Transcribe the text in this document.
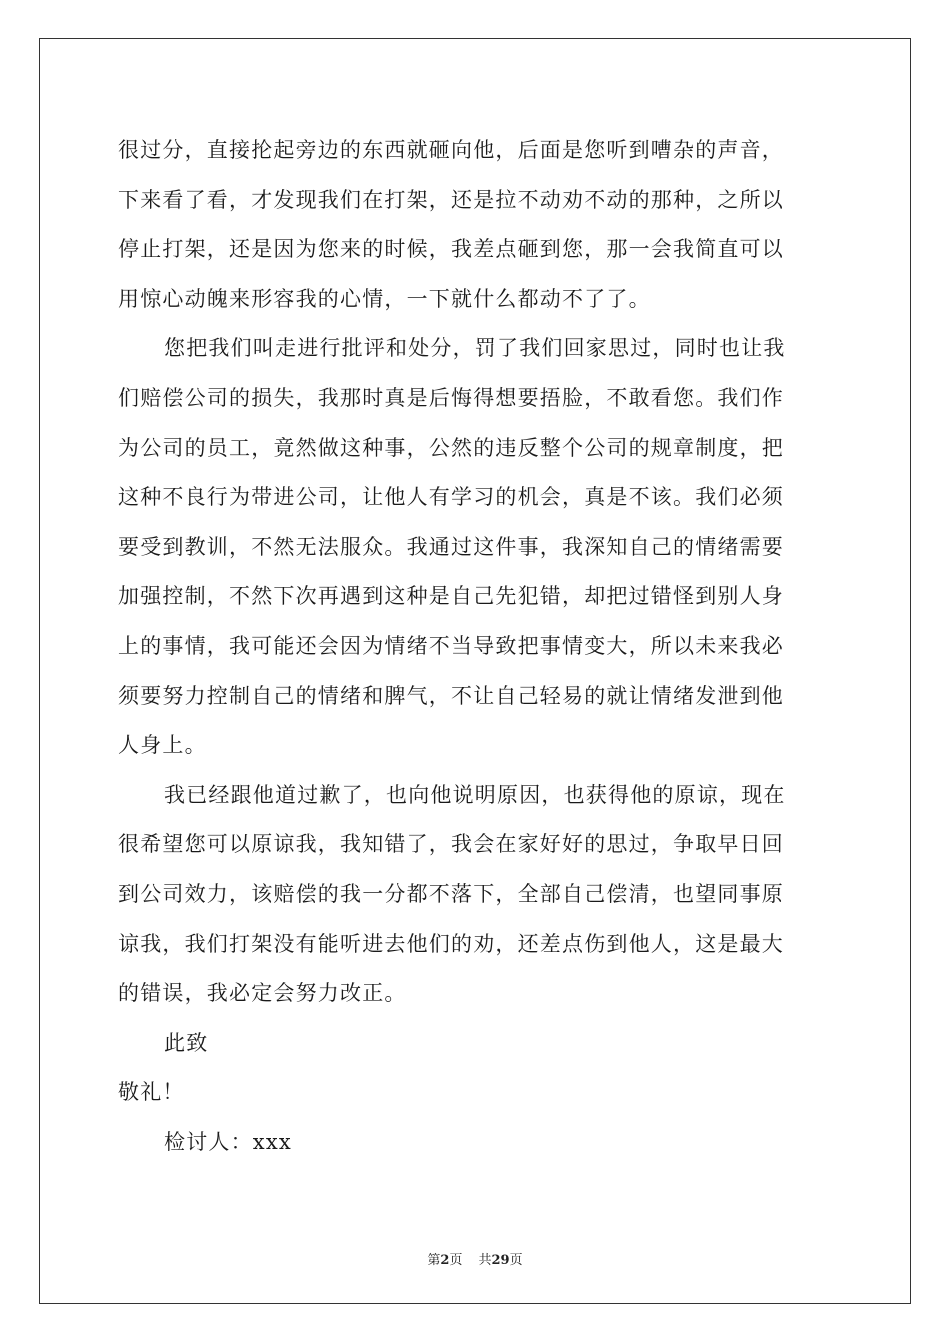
很过分，直接抡起旁边的东西就砸向他，后面是您听到嘈杂的声音，
下来看了看，才发现我们在打架，还是拉不动劝不动的那种，之所以
停止打架，还是因为您来的时候，我差点砸到您，那一会我简直可以
用惊心动魄来形容我的心情，一下就什么都动不了了。
您把我们叫走进行批评和处分，罚了我们回家思过，同时也让我
们赔偿公司的损失，我那时真是后悔得想要捂脸，不敢看您。我们作
为公司的员工，竟然做这种事，公然的违反整个公司的规章制度，把
这种不良行为带进公司，让他人有学习的机会，真是不该。我们必须
要受到教训，不然无法服众。我通过这件事，我深知自己的情绪需要
加强控制，不然下次再遇到这种是自己先犯错，却把过错怪到别人身
上的事情，我可能还会因为情绪不当导致把事情变大，所以未来我必
须要努力控制自己的情绪和脾气，不让自己轻易的就让情绪发泄到他
人身上。
我已经跟他道过歉了，也向他说明原因，也获得他的原谅，现在
很希望您可以原谅我，我知错了，我会在家好好的思过，争取早日回
到公司效力，该赔偿的我一分都不落下，全部自己偿清，也望同事原
谅我，我们打架没有能听进去他们的劝，还差点伤到他人，这是最大
的错误，我必定会努力改正。
此致
敬礼！
检讨人：xxx
第2页 共29页
